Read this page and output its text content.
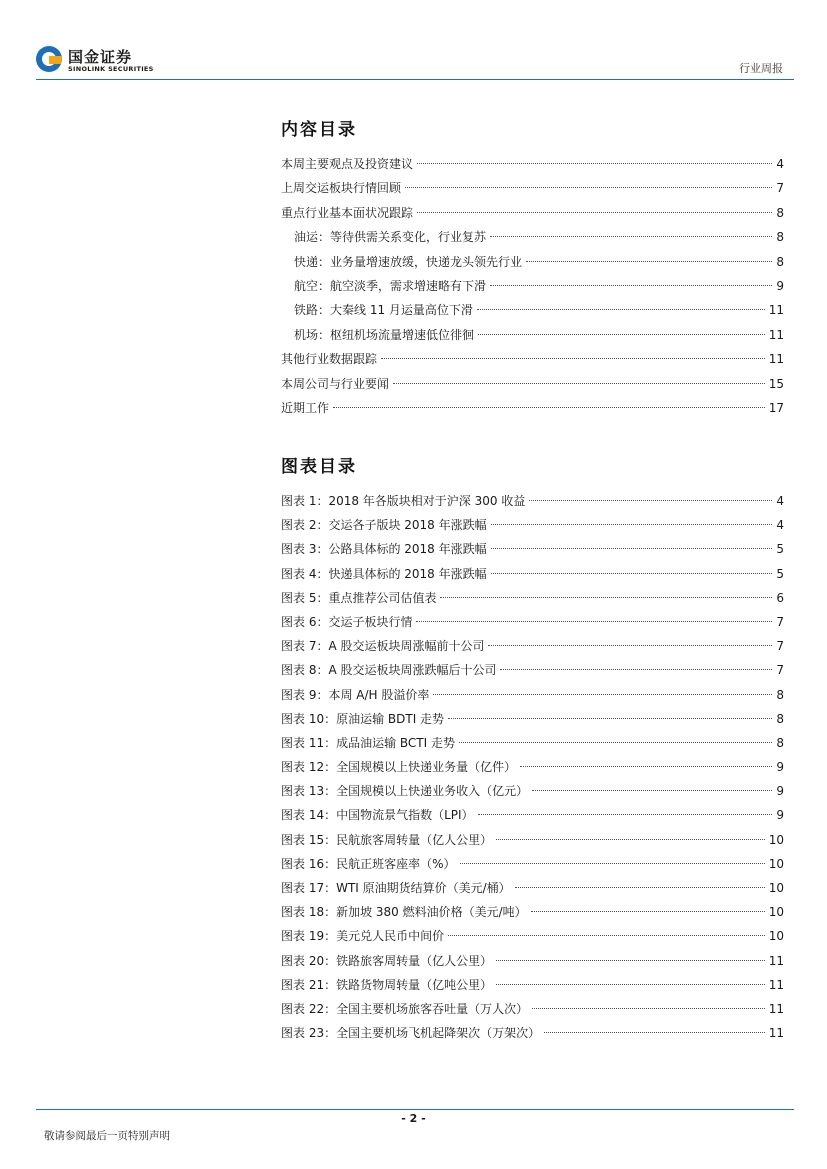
国金证券
SINOLINK SECURITIES	行业周报
内容目录
本周主要观点及投资建议	4
上周交运板块行情回顾	7
重点行业基本面状况跟踪	8
油运：等待供需关系变化，行业复苏	8
快递：业务量增速放缓，快递龙头领先行业	8
航空：航空淡季，需求增速略有下滑	9
铁路：大秦线 11 月运量高位下滑	11
机场：枢纽机场流量增速低位徘徊	11
其他行业数据跟踪	11
本周公司与行业要闻	15
近期工作	17
图表目录
图表 1：2018 年各版块相对于沪深 300 收益	4
图表 2：交运各子版块 2018 年涨跌幅	4
图表 3：公路具体标的 2018 年涨跌幅	5
图表 4：快递具体标的 2018 年涨跌幅	5
图表 5：重点推荐公司估值表	6
图表 6：交运子板块行情	7
图表 7：A 股交运板块周涨幅前十公司	7
图表 8：A 股交运板块周涨跌幅后十公司	7
图表 9：本周 A/H 股溢价率	8
图表 10：原油运输 BDTI 走势	8
图表 11：成品油运输 BCTI 走势	8
图表 12：全国规模以上快递业务量（亿件）	9
图表 13：全国规模以上快递业务收入（亿元）	9
图表 14：中国物流景气指数（LPI）	9
图表 15：民航旅客周转量（亿人公里）	10
图表 16：民航正班客座率（%）	10
图表 17：WTI 原油期货结算价（美元/桶）	10
图表 18：新加坡 380 燃料油价格（美元/吨）	10
图表 19：美元兑人民币中间价	10
图表 20：铁路旅客周转量（亿人公里）	11
图表 21：铁路货物周转量（亿吨公里）	11
图表 22：全国主要机场旅客吞吐量（万人次）	11
图表 23：全国主要机场飞机起降架次（万架次）	11
- 2 -
敬请参阅最后一页特别声明
